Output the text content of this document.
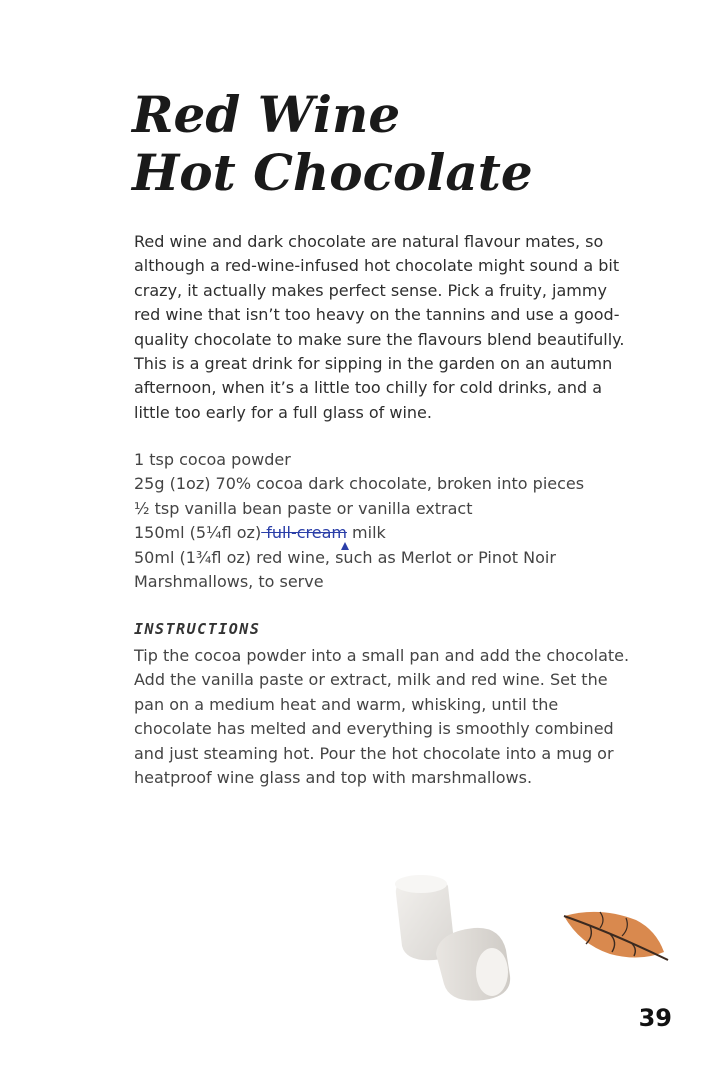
Red Wine
Hot Chocolate

Red wine and dark chocolate are natural flavour mates, so although a red-wine-infused hot chocolate might sound a bit crazy, it actually makes perfect sense. Pick a fruity, jammy red wine that isn’t too heavy on the tannins and use a good-quality chocolate to make sure the flavours blend beautifully. This is a great drink for sipping in the garden on an autumn afternoon, when it’s a little too chilly for cold drinks, and a little too early for a full glass of wine.

1 tsp cocoa powder
25g (1oz) 70% cocoa dark chocolate, broken into pieces
½ tsp vanilla bean paste or vanilla extract
150ml (5¼fl oz) full-cream milk
50ml (1¾fl oz) red wine, such as Merlot or Pinot Noir
Marshmallows, to serve
INSTRUCTIONS

Tip the cocoa powder into a small pan and add the chocolate. Add the vanilla paste or extract, milk and red wine. Set the pan on a medium heat and warm, whisking, until the chocolate has melted and everything is smoothly combined and just steaming hot. Pour the hot chocolate into a mug or heatproof wine glass and top with marshmallows.

39
